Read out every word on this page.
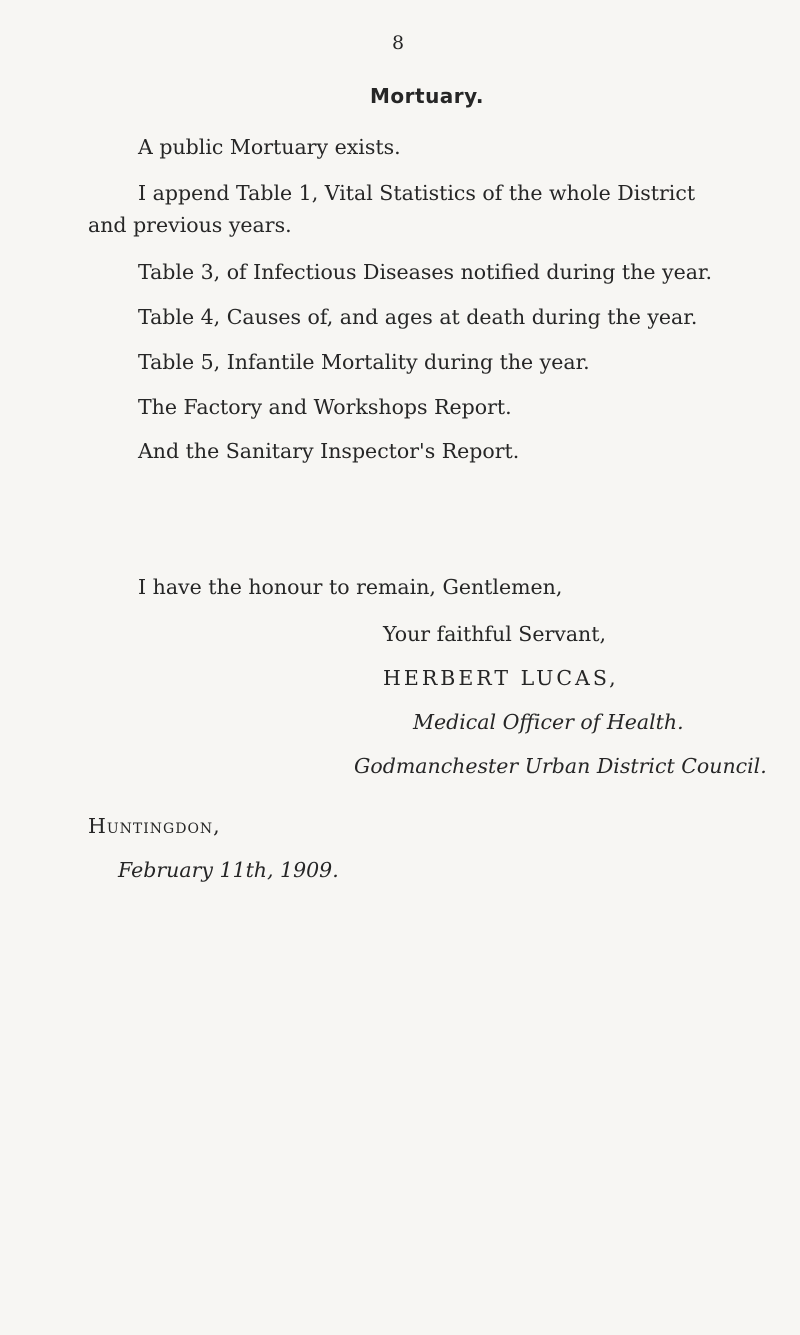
8
Mortuary.
A public Mortuary exists.
I append Table 1, Vital Statistics of the whole District
and previous years.
Table 3, of Infectious Diseases notified during the year.
Table 4, Causes of, and ages at death during the year.
Table 5, Infantile Mortality during the year.
The Factory and Workshops Report.
And the Sanitary Inspector's Report.
I have the honour to remain, Gentlemen,
Your faithful Servant,
HERBERT LUCAS,
Medical Officer of Health.
Godmanchester Urban District Council.
Huntingdon,
February 11th, 1909.
